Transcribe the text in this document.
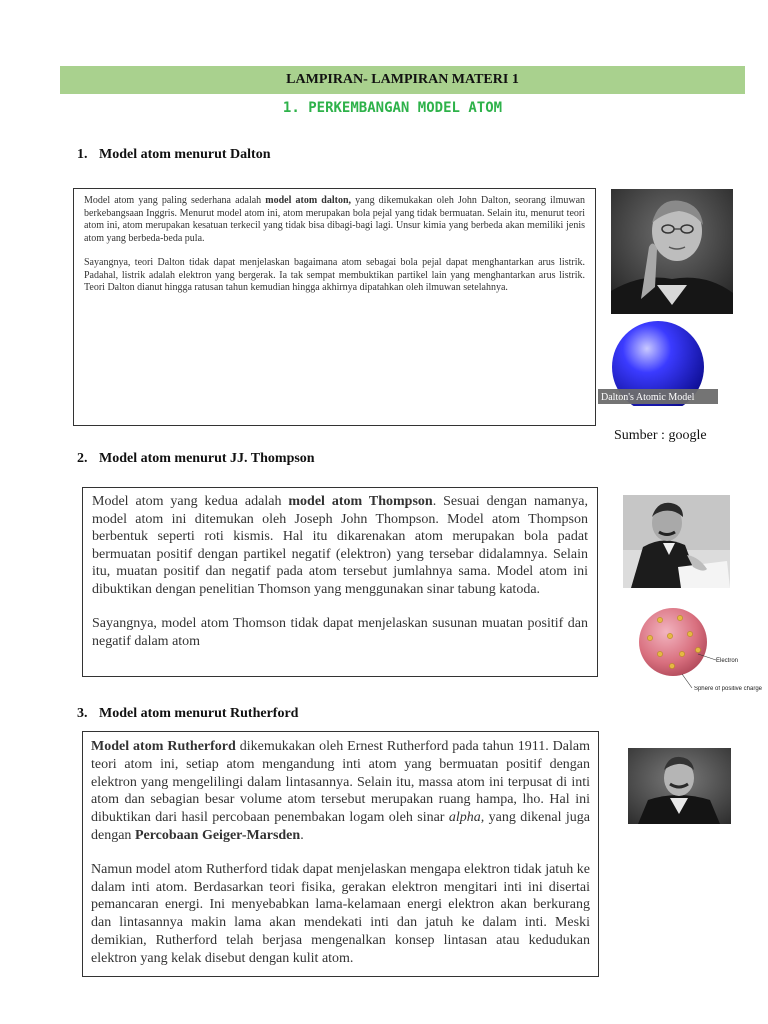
LAMPIRAN- LAMPIRAN MATERI 1
1. PERKEMBANGAN MODEL ATOM
1. Model atom menurut Dalton

Model atom yang paling sederhana adalah model atom dalton, yang dikemukakan oleh John Dalton, seorang ilmuwan berkebangsaan Inggris. Menurut model atom ini, atom merupakan bola pejal yang tidak bermuatan. Selain itu, menurut teori atom ini, atom merupakan kesatuan terkecil yang tidak bisa dibagi-bagi lagi. Unsur kimia yang berbeda akan memiliki jenis atom yang berbeda-beda pula.

Sayangnya, teori Dalton tidak dapat menjelaskan bagaimana atom sebagai bola pejal dapat menghantarkan arus listrik. Padahal, listrik adalah elektron yang bergerak. Ia tak sempat membuktikan partikel lain yang menghantarkan arus listrik. Teori Dalton dianut hingga ratusan tahun kemudian hingga akhirnya dipatahkan oleh ilmuwan setelahnya.

Dalton's Atomic Model
Sumber : google
2. Model atom menurut JJ. Thompson

Model atom yang kedua adalah model atom Thompson. Sesuai dengan namanya, model atom ini ditemukan oleh Joseph John Thompson. Model atom Thompson berbentuk seperti roti kismis. Hal itu dikarenakan atom merupakan bola padat bermuatan positif dengan partikel negatif (elektron) yang tersebar didalamnya. Selain itu, muatan positif dan negatif pada atom tersebut jumlahnya sama. Model atom ini dibuktikan dengan penelitian Thomson yang menggunakan sinar tabung katoda.

Sayangnya, model atom Thomson tidak dapat menjelaskan susunan muatan positif dan negatif dalam atom

Electron
Sphere of positive charge
3. Model atom menurut Rutherford

Model atom Rutherford dikemukakan oleh Ernest Rutherford pada tahun 1911. Dalam teori atom ini, setiap atom mengandung inti atom yang bermuatan positif dengan elektron yang mengelilingi dalam lintasannya. Selain itu, massa atom ini terpusat di inti atom dan sebagian besar volume atom tersebut merupakan ruang hampa, lho. Hal ini dibuktikan dari hasil percobaan penembakan logam oleh sinar alpha, yang dikenal juga dengan Percobaan Geiger-Marsden.

Namun model atom Rutherford tidak dapat menjelaskan mengapa elektron tidak jatuh ke dalam inti atom. Berdasarkan teori fisika, gerakan elektron mengitari inti ini disertai pemancaran energi. Ini menyebabkan lama-kelamaan energi elektron akan berkurang dan lintasannya makin lama akan mendekati inti dan jatuh ke dalam inti. Meski demikian, Rutherford telah berjasa mengenalkan konsep lintasan atau kedudukan elektron yang kelak disebut dengan kulit atom.
